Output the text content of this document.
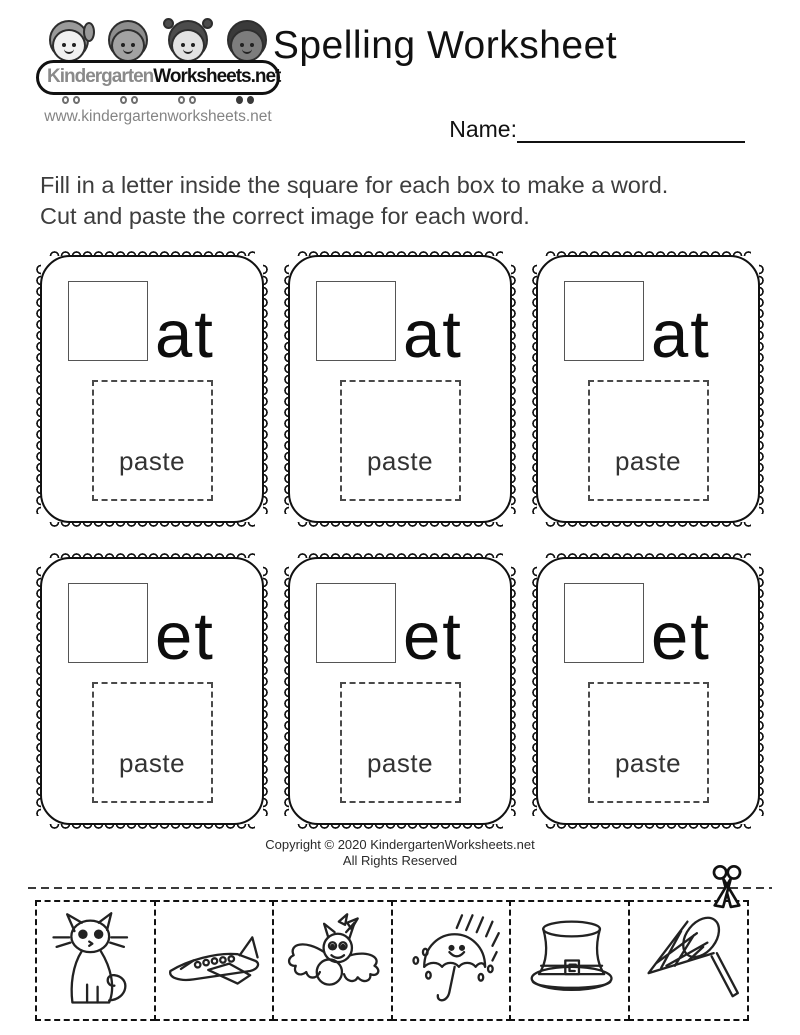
KindergartenWorksheets.net
www.kindergartenworksheets.net
Spelling Worksheet
Name:
Fill in a letter inside the square for each box to make a word.
Cut and paste the correct image for each word.
at
paste
at
paste
at
paste
et
paste
et
paste
et
paste
Copyright © 2020 KindergartenWorksheets.net
All Rights Reserved
